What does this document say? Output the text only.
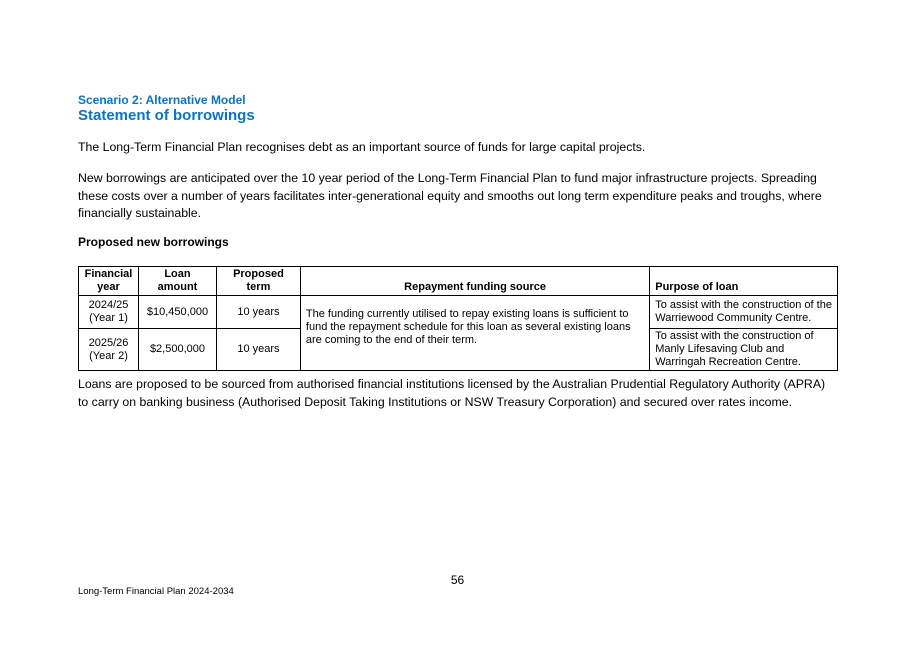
Scenario 2: Alternative Model
Statement of borrowings

The Long-Term Financial Plan recognises debt as an important source of funds for large capital projects.

New borrowings are anticipated over the 10 year period of the Long-Term Financial Plan to fund major infrastructure projects. Spreading these costs over a number of years facilitates inter-generational equity and smooths out long term expenditure peaks and troughs, where financially sustainable.

Proposed new borrowings
Financial year	Loan amount	Proposed term	Repayment funding source	Purpose of loan
2024/25 (Year 1)	$10,450,000	10 years	The funding currently utilised to repay existing loans is sufficient to fund the repayment schedule for this loan as several existing loans are coming to the end of their term.	To assist with the construction of the Warriewood Community Centre.
2025/26 (Year 2)	$2,500,000	10 years		To assist with the construction of Manly Lifesaving Club and Warringah Recreation Centre.

Loans are proposed to be sourced from authorised financial institutions licensed by the Australian Prudential Regulatory Authority (APRA) to carry on banking business (Authorised Deposit Taking Institutions or NSW Treasury Corporation) and secured over rates income.

56
Long-Term Financial Plan 2024-2034
